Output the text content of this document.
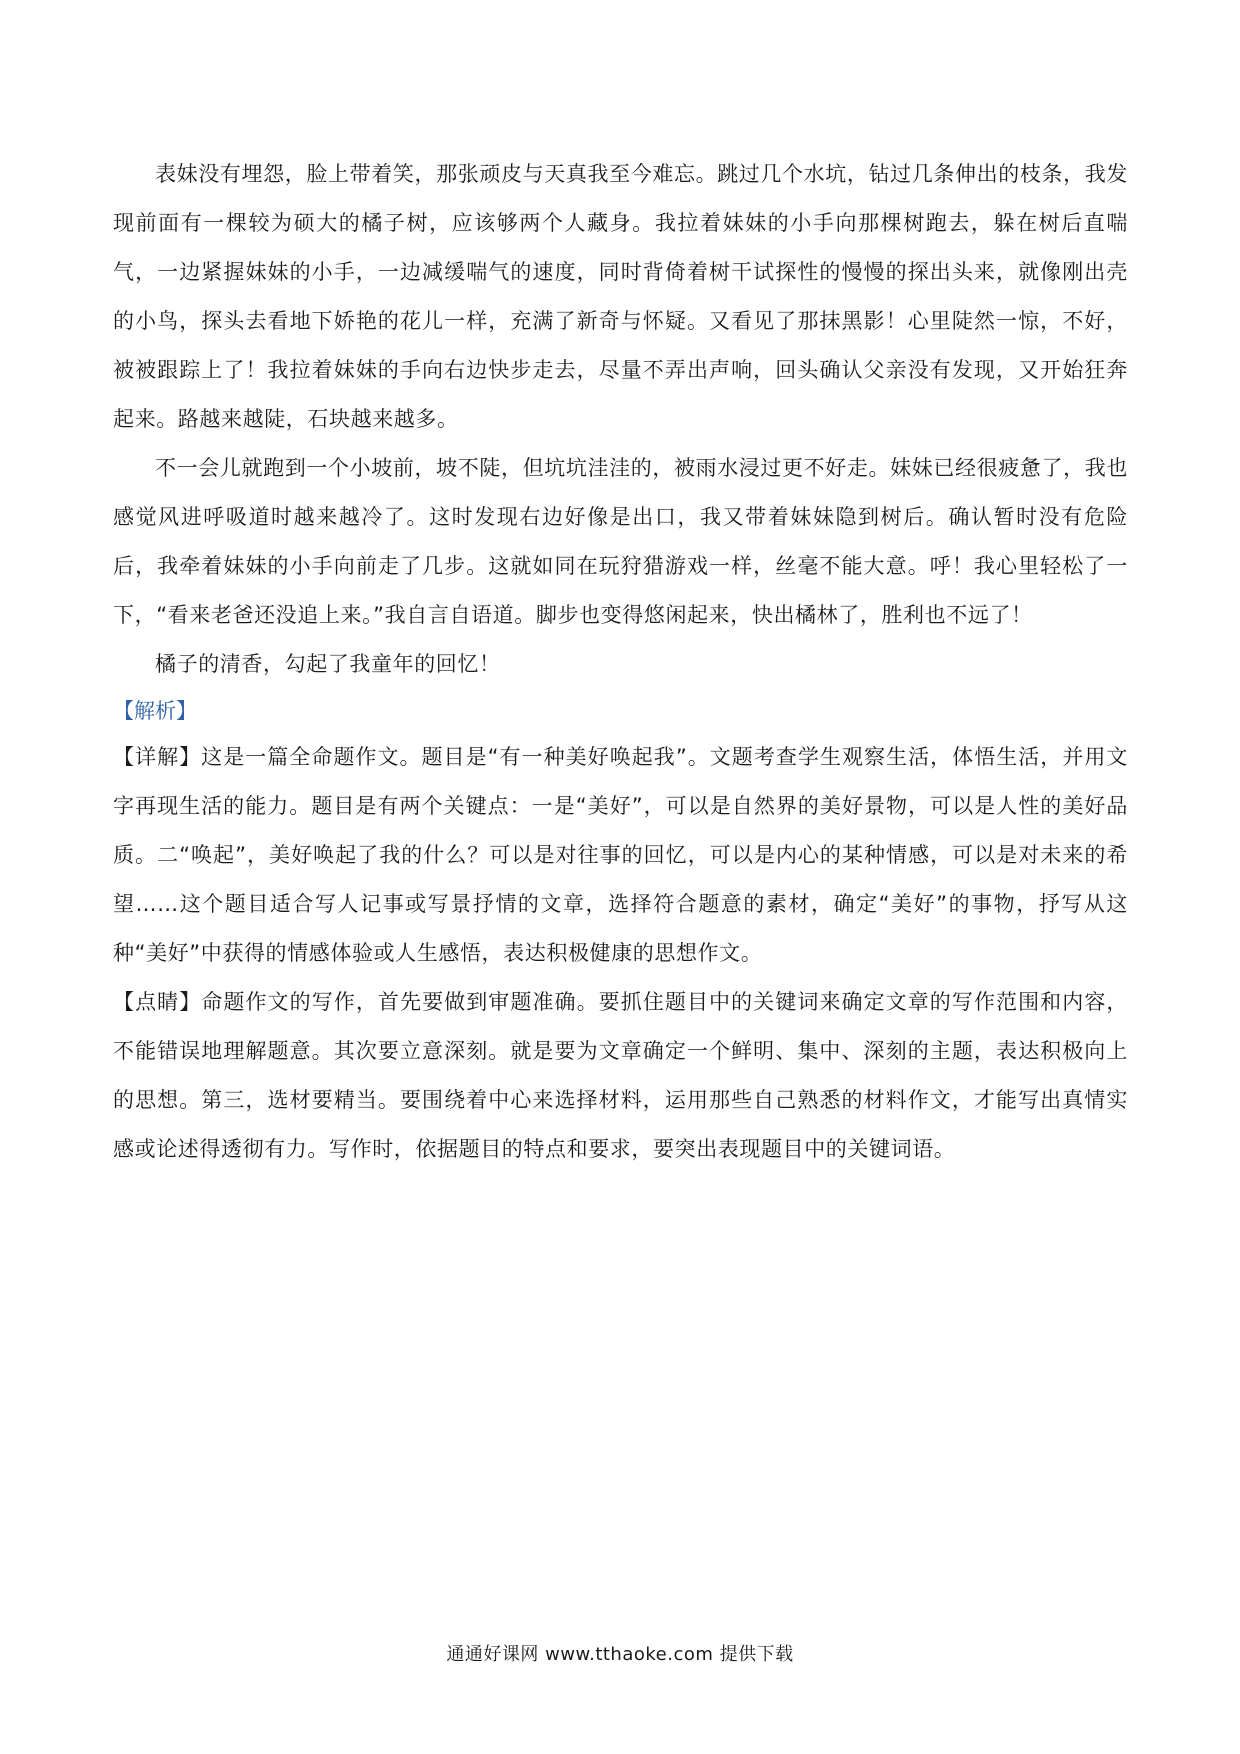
表妹没有埋怨，脸上带着笑，那张顽皮与天真我至今难忘。跳过几个水坑，钻过几条伸出的枝条，我发现前面有一棵较为硕大的橘子树，应该够两个人藏身。我拉着妹妹的小手向那棵树跑去，躲在树后直喘气，一边紧握妹妹的小手，一边减缓喘气的速度，同时背倚着树干试探性的慢慢的探出头来，就像刚出壳的小鸟，探头去看地下娇艳的花儿一样，充满了新奇与怀疑。又看见了那抹黑影！心里陡然一惊，不好，被被跟踪上了！我拉着妹妹的手向右边快步走去，尽量不弄出声响，回头确认父亲没有发现，又开始狂奔起来。路越来越陡，石块越来越多。

不一会儿就跑到一个小坡前，坡不陡，但坑坑洼洼的，被雨水浸过更不好走。妹妹已经很疲惫了，我也感觉风进呼吸道时越来越冷了。这时发现右边好像是出口，我又带着妹妹隐到树后。确认暂时没有危险后，我牵着妹妹的小手向前走了几步。这就如同在玩狩猎游戏一样，丝毫不能大意。呼！我心里轻松了一下，“看来老爸还没追上来。”我自言自语道。脚步也变得悠闲起来，快出橘林了，胜利也不远了！

橘子的清香，勾起了我童年的回忆！

【解析】

【详解】这是一篇全命题作文。题目是“有一种美好唤起我”。文题考查学生观察生活，体悟生活，并用文字再现生活的能力。题目是有两个关键点：一是“美好”，可以是自然界的美好景物，可以是人性的美好品质。二“唤起”，美好唤起了我的什么？可以是对往事的回忆，可以是内心的某种情感，可以是对未来的希望……这个题目适合写人记事或写景抒情的文章，选择符合题意的素材，确定“美好”的事物，抒写从这种“美好”中获得的情感体验或人生感悟，表达积极健康的思想作文。

【点睛】命题作文的写作，首先要做到审题准确。要抓住题目中的关键词来确定文章的写作范围和内容，不能错误地理解题意。其次要立意深刻。就是要为文章确定一个鲜明、集中、深刻的主题，表达积极向上的思想。第三，选材要精当。要围绕着中心来选择材料，运用那些自己熟悉的材料作文，才能写出真情实感或论述得透彻有力。写作时，依据题目的特点和要求，要突出表现题目中的关键词语。

通通好课网 www.tthaoke.com 提供下载
